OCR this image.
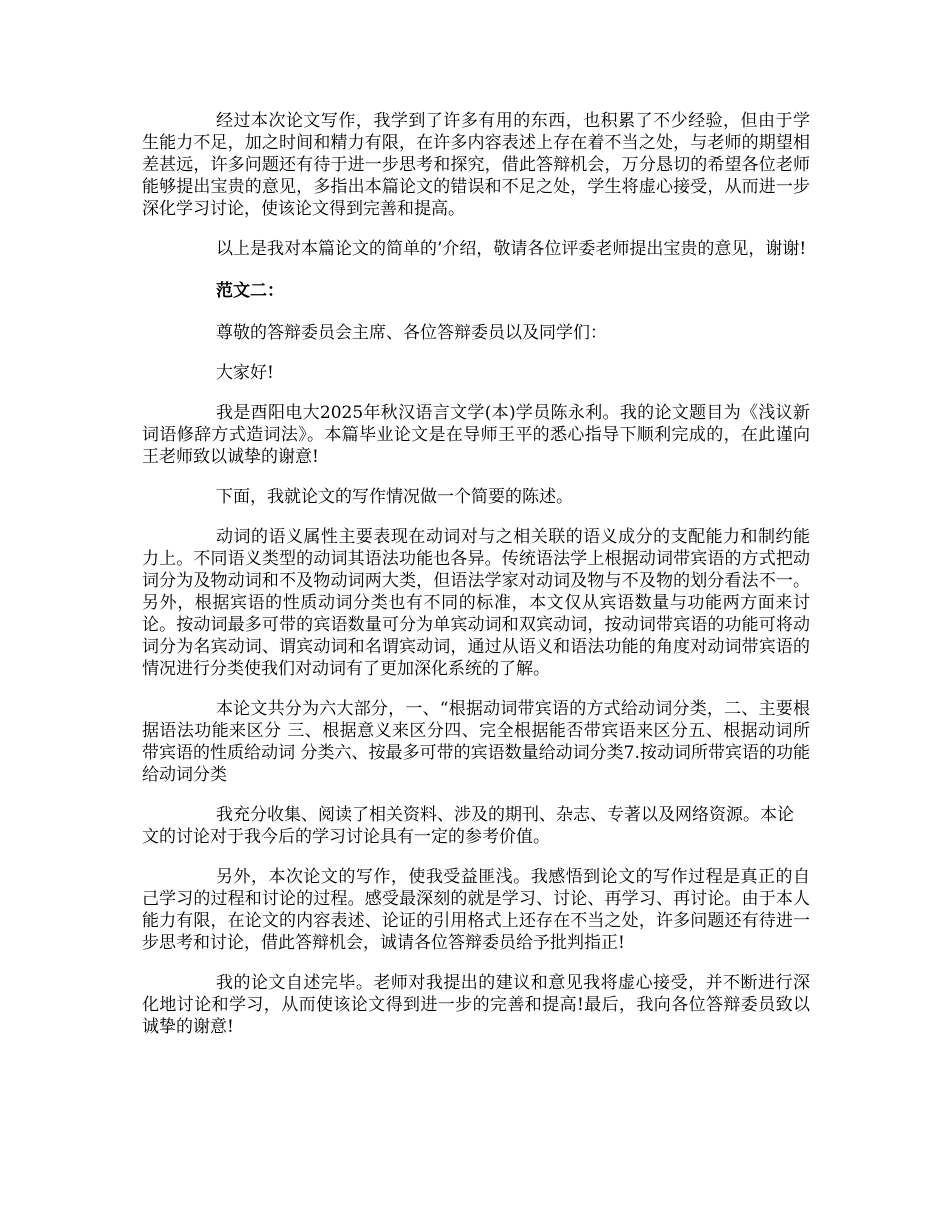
经过本次论文写作，我学到了许多有用的东西，也积累了不少经验，但由于学生能力不足，加之时间和精力有限，在许多内容表述上存在着不当之处，与老师的期望相差甚远，许多问题还有待于进一步思考和探究，借此答辩机会，万分恳切的希望各位老师能够提出宝贵的意见，多指出本篇论文的错误和不足之处，学生将虚心接受，从而进一步深化学习讨论，使该论文得到完善和提高。

以上是我对本篇论文的简单的’介绍，敬请各位评委老师提出宝贵的意见，谢谢!

范文二：

尊敬的答辩委员会主席、各位答辩委员以及同学们：

大家好!

我是酉阳电大2025年秋汉语言文学(本)学员陈永利。我的论文题目为《浅议新词语修辞方式造词法》。本篇毕业论文是在导师王平的悉心指导下顺利完成的，在此谨向王老师致以诚挚的谢意!

下面，我就论文的写作情况做一个简要的陈述。

动词的语义属性主要表现在动词对与之相关联的语义成分的支配能力和制约能力上。不同语义类型的动词其语法功能也各异。传统语法学上根据动词带宾语的方式把动词分为及物动词和不及物动词两大类，但语法学家对动词及物与不及物的划分看法不一。另外，根据宾语的性质动词分类也有不同的标准，本文仅从宾语数量与功能两方面来讨论。按动词最多可带的宾语数量可分为单宾动词和双宾动词，按动词带宾语的功能可将动词分为名宾动词、谓宾动词和名谓宾动词，通过从语义和语法功能的角度对动词带宾语的情况进行分类使我们对动词有了更加深化系统的了解。

本论文共分为六大部分，一、“根据动词带宾语的方式给动词分类，二、主要根据语法功能来区分 三、根据意义来区分四、完全根据能否带宾语来区分五、根据动词所带宾语的性质给动词 分类六、按最多可带的宾语数量给动词分类7.按动词所带宾语的功能给动词分类

我充分收集、阅读了相关资料、涉及的期刊、杂志、专著以及网络资源。本论文的讨论对于我今后的学习讨论具有一定的参考价值。

另外，本次论文的写作，使我受益匪浅。我感悟到论文的写作过程是真正的自己学习的过程和讨论的过程。感受最深刻的就是学习、讨论、再学习、再讨论。由于本人能力有限，在论文的内容表述、论证的引用格式上还存在不当之处，许多问题还有待进一步思考和讨论，借此答辩机会，诚请各位答辩委员给予批判指正!

我的论文自述完毕。老师对我提出的建议和意见我将虚心接受，并不断进行深化地讨论和学习，从而使该论文得到进一步的完善和提高!最后，我向各位答辩委员致以诚挚的谢意!
